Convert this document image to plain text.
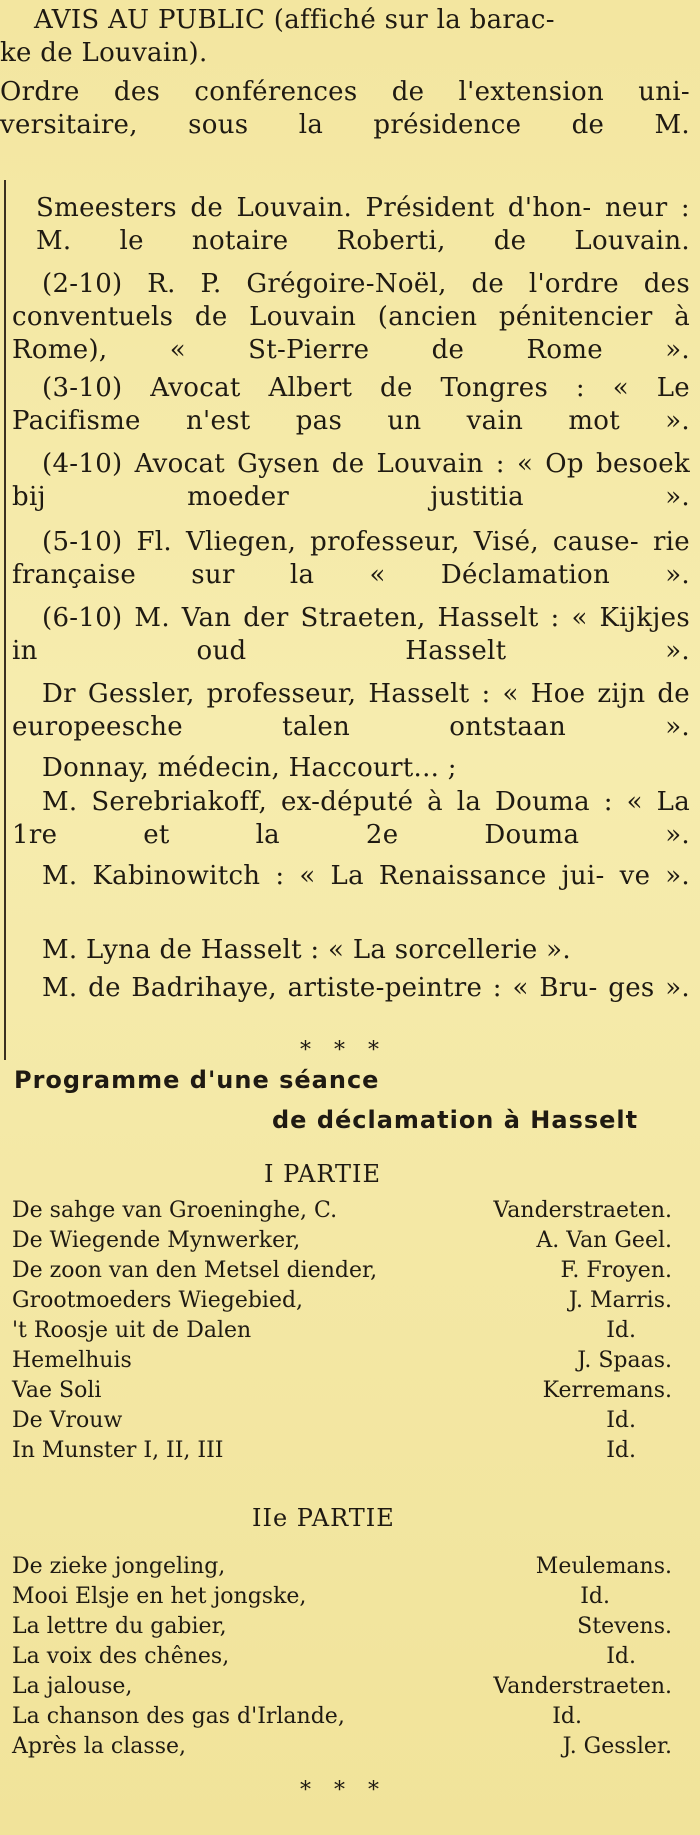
AVIS AU PUBLIC (affiché sur la barac-
ke de Louvain).
Ordre des conférences de l'extension uni- versitaire, sous la présidence de M.
Smeesters de Louvain. Président d'hon- neur : M. le notaire Roberti, de Louvain.
(2-10) R. P. Grégoire-Noël, de l'ordre des conventuels de Louvain (ancien pénitencier à Rome), « St-Pierre de Rome ».
(3-10) Avocat Albert de Tongres : « Le Pacifisme n'est pas un vain mot ».
(4-10) Avocat Gysen de Louvain : « Op besoek bij moeder justitia ».
(5-10) Fl. Vliegen, professeur, Visé, cause- rie française sur la « Déclamation ».
(6-10) M. Van der Straeten, Hasselt : « Kijkjes in oud Hasselt ».
Dr Gessler, professeur, Hasselt : « Hoe zijn de europeesche talen ontstaan ».
Donnay, médecin, Haccourt... ;
M. Serebriakoff, ex-député à la Douma : « La 1re et la 2e Douma ».
M. Kabinowitch : « La Renaissance jui- ve ».
M. Lyna de Hasselt : « La sorcellerie ».
M. de Badrihaye, artiste-peintre : « Bru- ges ».
* * *
Programme d'une séance
de déclamation à Hasselt
I PARTIE
De sahge van Groeninghe, C.	Vanderstraeten.
De Wiegende Mynwerker,	A. Van Geel.
De zoon van den Metsel diender,	F. Froyen.
Grootmoeders Wiegebied,	J. Marris.
't Roosje uit de Dalen	Id.
Hemelhuis	J. Spaas.
Vae Soli	Kerremans.
De Vrouw	Id.
In Munster I, II, III	Id.
IIe PARTIE
De zieke jongeling,	Meulemans.
Mooi Elsje en het jongske,	Id.
La lettre du gabier,	Stevens.
La voix des chênes,	Id.
La jalouse,	Vanderstraeten.
La chanson des gas d'Irlande,	Id.
Après la classe,	J. Gessler.
* * *
